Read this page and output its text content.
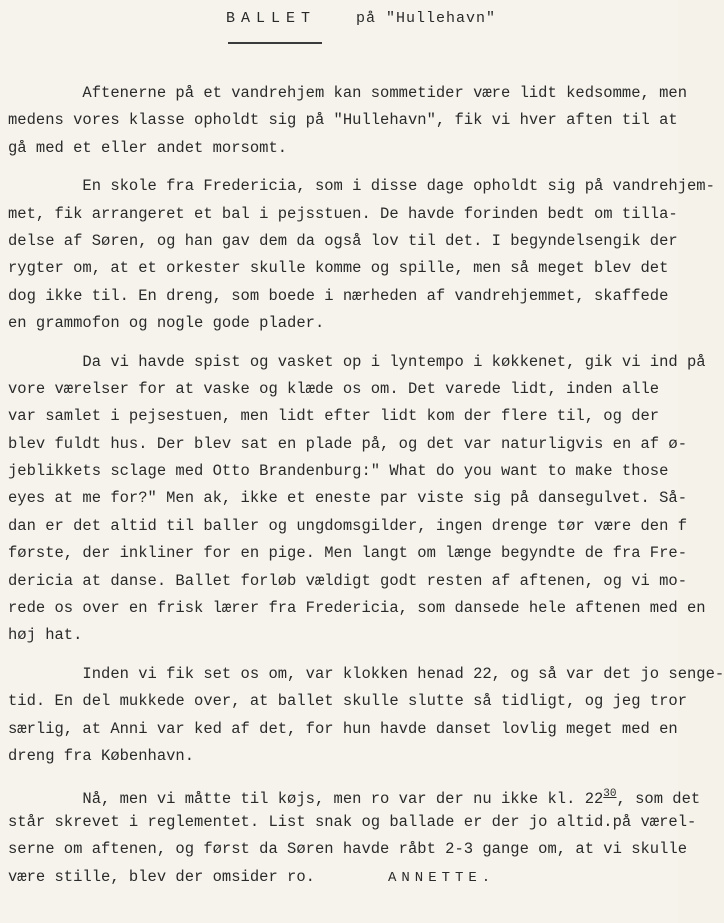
BALLET	på "Hullehavn"
Aftenerne på et vandrehjem kan sommetider være lidt kedsomme, men
medens vores klasse opholdt sig på "Hullehavn", fik vi hver aften til at
gå med et eller andet morsomt.
En skole fra Fredericia, som i disse dage opholdt sig på vandrehjem-
met, fik arrangeret et bal i pejsstuen. De havde forinden bedt om tilla-
delse af Søren, og han gav dem da også lov til det. I begyndelsengik der
rygter om, at et orkester skulle komme og spille, men så meget blev det
dog ikke til. En dreng, som boede i nærheden af vandrehjemmet, skaffede
en grammofon og nogle gode plader.
Da vi havde spist og vasket op i lyntempo i køkkenet, gik vi ind på
vore værelser for at vaske og klæde os om. Det varede lidt, inden alle
var samlet i pejsestuen, men lidt efter lidt kom der flere til, og der
blev fuldt hus. Der blev sat en plade på, og det var naturligvis en af ø-
jeblikkets sclage med Otto Brandenburg:" What do you want to make those
eyes at me for?" Men ak, ikke et eneste par viste sig på dansegulvet. Så-
dan er det altid til baller og ungdomsgilder, ingen drenge tør være den f
første, der inkliner for en pige. Men langt om længe begyndte de fra Fre-
dericia at danse. Ballet forløb vældigt godt resten af aftenen, og vi mo-
rede os over en frisk lærer fra Fredericia, som dansede hele aftenen med en
høj hat.
Inden vi fik set os om, var klokken henad 22, og så var det jo senge-
tid. En del mukkede over, at ballet skulle slutte så tidligt, og jeg tror
særlig, at Anni var ked af det, for hun havde danset lovlig meget med en
dreng fra København.
Nå, men vi måtte til køjs, men ro var der nu ikke kl. $22^{30}$, som det
står skrevet i reglementet. List snak og ballade er der jo altid.på værel-
serne om aftenen, og først da Søren havde råbt 2-3 gange om, at vi skulle
være stille, blev der omsider ro.	ANNETTE.
